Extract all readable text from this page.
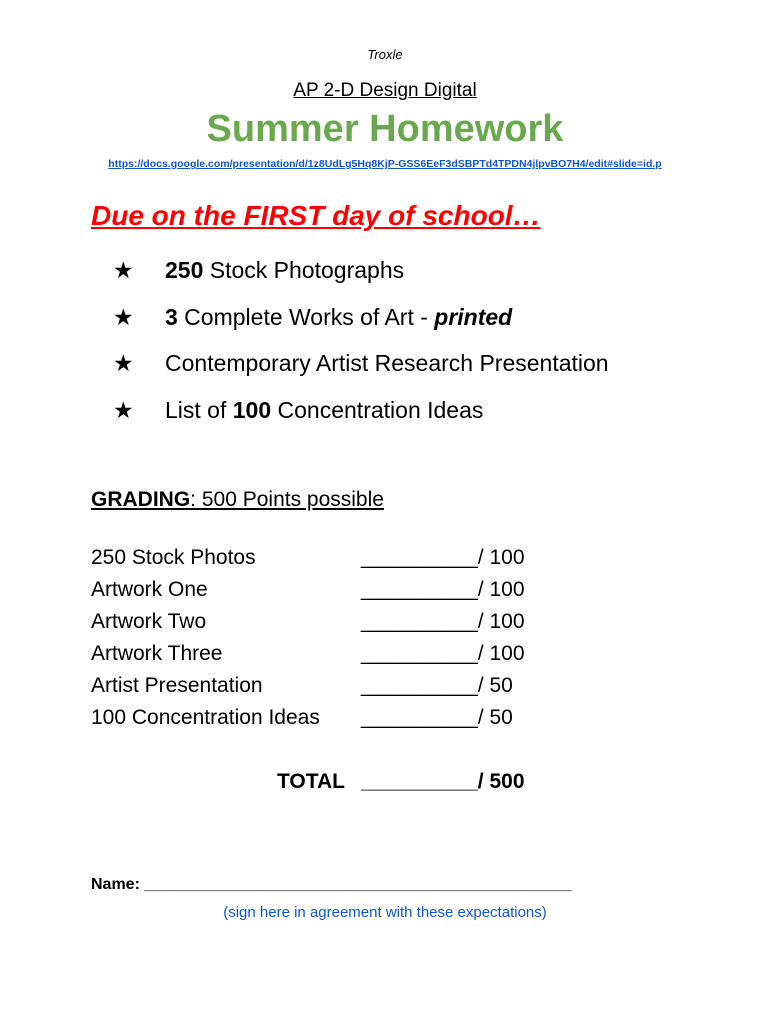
Troxle
AP 2-D Design Digital
Summer Homework
https://docs.google.com/presentation/d/1z8UdLg5Hq8KjP-GSS6EeF3dSBPTd4TPDN4jlpvBO7H4/edit#slide=id.p
Due on the FIRST day of school…
★ 250 Stock Photographs
★ 3 Complete Works of Art - printed
★ Contemporary Artist Research Presentation
★ List of 100 Concentration Ideas
GRADING: 500 Points possible
250 Stock Photos	__________/ 100
Artwork One	__________/ 100
Artwork Two	__________/ 100
Artwork Three	__________/ 100
Artist Presentation	__________/ 50
100 Concentration Ideas __________/ 50
TOTAL __________/ 500
Name: ________________________________________________
(sign here in agreement with these expectations)
